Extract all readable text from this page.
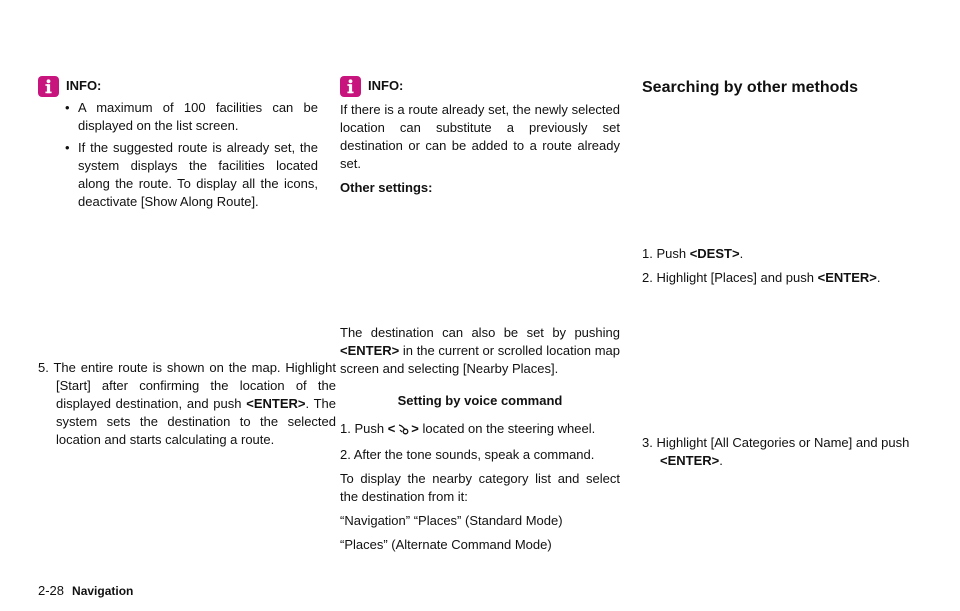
INFO:
• A maximum of 100 facilities can be displayed on the list screen.
• If the suggested route is already set, the system displays the facilities located along the route. To display all the icons, deactivate [Show Along Route].
5. The entire route is shown on the map. Highlight [Start] after confirming the location of the displayed destination, and push <ENTER>. The system sets the destination to the selected location and starts calculating a route.
INFO:

If there is a route already set, the newly selected location can substitute a previously set destination or can be added to a route already set.

Other settings:

The destination can also be set by pushing <ENTER> in the current or scrolled location map screen and selecting [Nearby Places].

Setting by voice command

1. Push < > located on the steering wheel.

2. After the tone sounds, speak a command.

To display the nearby category list and select the destination from it:

“Navigation” “Places” (Standard Mode)

“Places” (Alternate Command Mode)

Searching by other methods

1. Push <DEST>.

2. Highlight [Places] and push <ENTER>.

3. Highlight [All Categories or Name] and push <ENTER>.
2-28 Navigation
